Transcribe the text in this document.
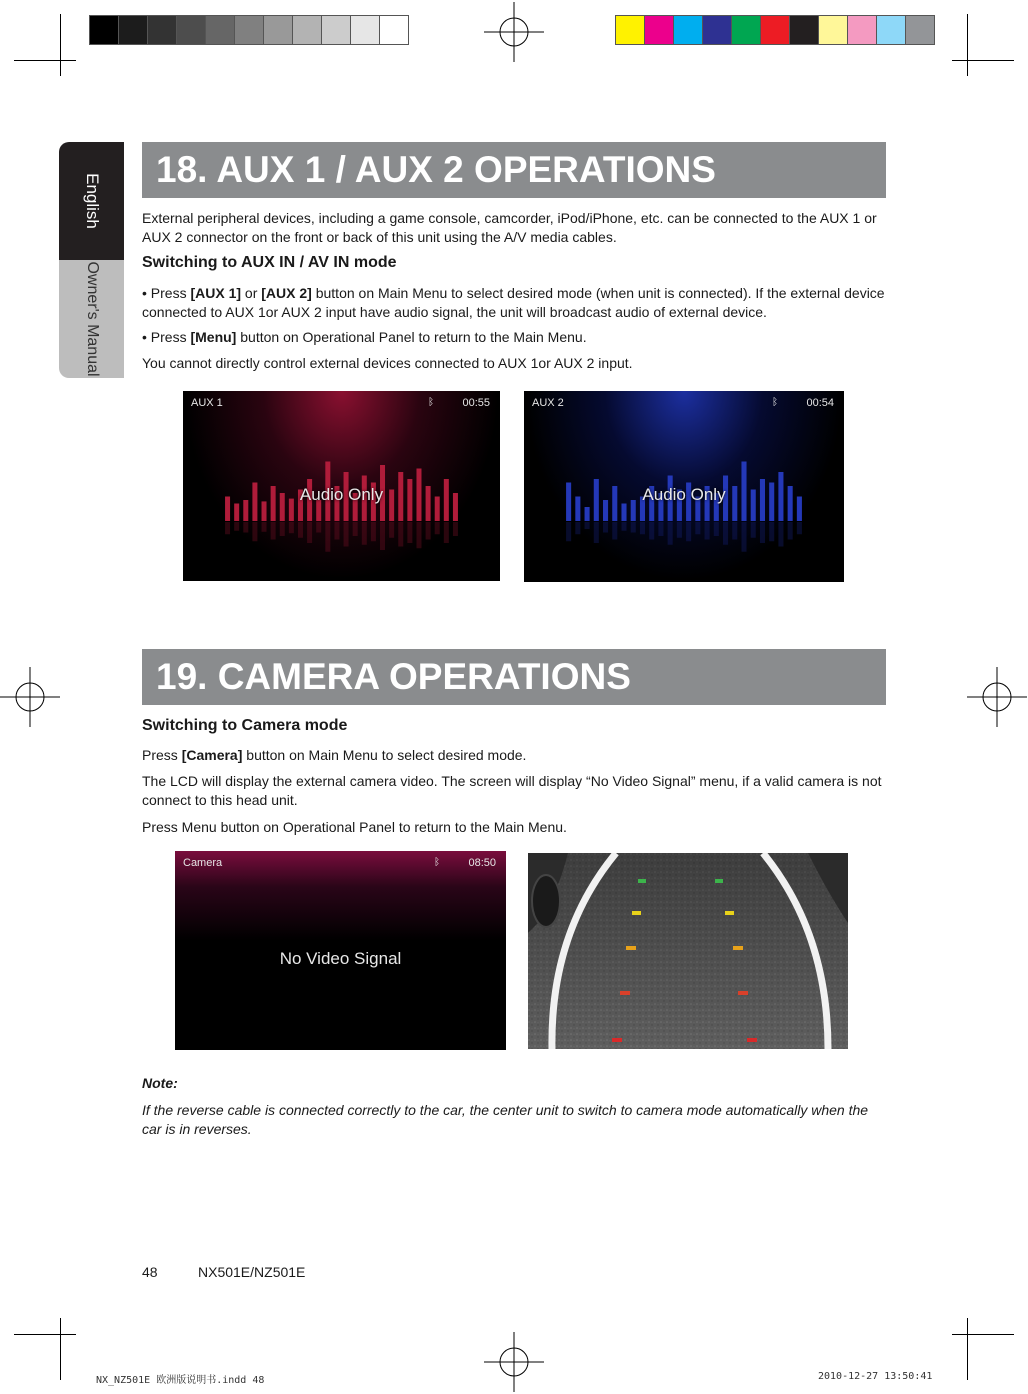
English
Owner's Manual
18. AUX 1 / AUX 2 OPERATIONS
External peripheral devices, including a game console, camcorder, iPod/iPhone, etc. can be connected to the AUX 1 or AUX 2 connector on the front or back of this unit using the A/V media cables.
Switching to AUX IN / AV IN mode
• Press [AUX 1] or [AUX 2] button on Main Menu to select desired mode (when unit is connected). If the external device connected to AUX 1or AUX 2 input have audio signal, the unit will broadcast audio of external device.
• Press [Menu] button on Operational Panel to return to the Main Menu.
You cannot directly control external devices connected to AUX 1or AUX 2 input.
AUX 1	ᛒ	00:55
Audio Only
AUX 2	ᛒ	00:54
Audio Only
19. CAMERA OPERATIONS
Switching to Camera mode
Press [Camera] button on Main Menu to select desired mode.
The LCD will display the external camera video. The screen will display “No Video Signal” menu, if a valid camera is not connect to this head unit.
Press Menu button on Operational Panel to return to the Main Menu.
Camera	ᛒ	08:50
No Video Signal
Note:
If the reverse cable is connected correctly to the car, the center unit to switch to camera mode automatically when the car is in reverses.
48	NX501E/NZ501E
NX_NZ501E 欧洲版说明书.indd 48	2010-12-27 13:50:41
